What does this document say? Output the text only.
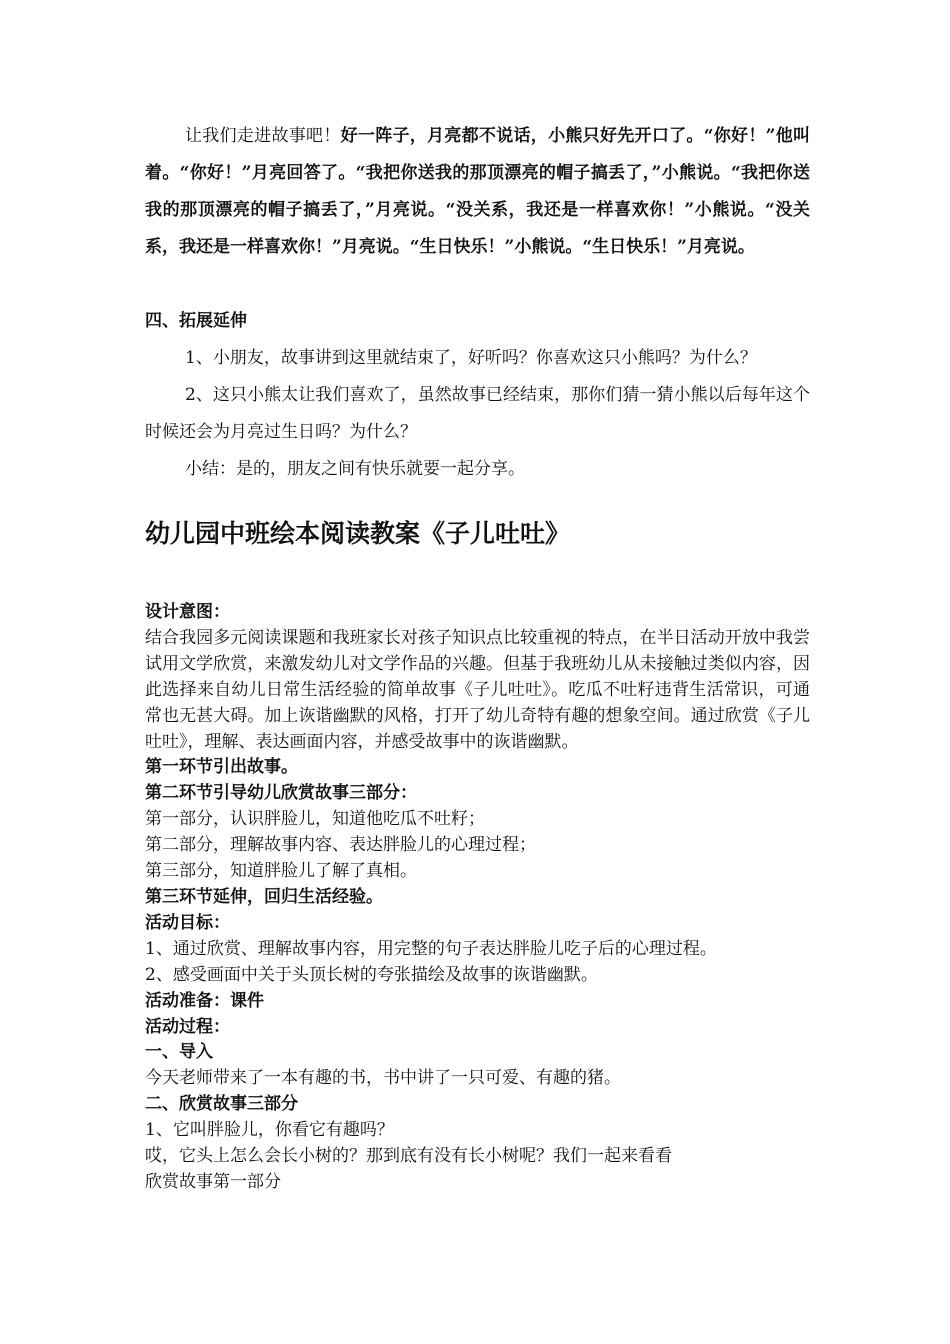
让我们走进故事吧！好一阵子，月亮都不说话，小熊只好先开口了。“你好！”他叫着。“你好！”月亮回答了。“我把你送我的那顶漂亮的帽子搞丢了，”小熊说。“我把你送我的那顶漂亮的帽子搞丢了，”月亮说。“没关系，我还是一样喜欢你！”小熊说。“没关系，我还是一样喜欢你！”月亮说。“生日快乐！”小熊说。“生日快乐！”月亮说。

四、拓展延伸

1、小朋友，故事讲到这里就结束了，好听吗？你喜欢这只小熊吗？为什么？

2、这只小熊太让我们喜欢了，虽然故事已经结束，那你们猜一猜小熊以后每年这个时候还会为月亮过生日吗？为什么？

小结：是的，朋友之间有快乐就要一起分享。

幼儿园中班绘本阅读教案《子儿吐吐》

设计意图：

结合我园多元阅读课题和我班家长对孩子知识点比较重视的特点，在半日活动开放中我尝试用文学欣赏，来激发幼儿对文学作品的兴趣。但基于我班幼儿从未接触过类似内容，因此选择来自幼儿日常生活经验的简单故事《子儿吐吐》。吃瓜不吐籽违背生活常识，可通常也无甚大碍。加上诙谐幽默的风格，打开了幼儿奇特有趣的想象空间。通过欣赏《子儿吐吐》，理解、表达画面内容，并感受故事中的诙谐幽默。

第一环节引出故事。

第二环节引导幼儿欣赏故事三部分：

第一部分，认识胖脸儿，知道他吃瓜不吐籽；

第二部分，理解故事内容、表达胖脸儿的心理过程；

第三部分，知道胖脸儿了解了真相。

第三环节延伸，回归生活经验。

活动目标：

1、通过欣赏、理解故事内容，用完整的句子表达胖脸儿吃子后的心理过程。

2、感受画面中关于头顶长树的夸张描绘及故事的诙谐幽默。

活动准备：课件

活动过程：

一、导入

今天老师带来了一本有趣的书，书中讲了一只可爱、有趣的猪。

二、欣赏故事三部分

1、它叫胖脸儿，你看它有趣吗？

哎，它头上怎么会长小树的？那到底有没有长小树呢？我们一起来看看

欣赏故事第一部分
